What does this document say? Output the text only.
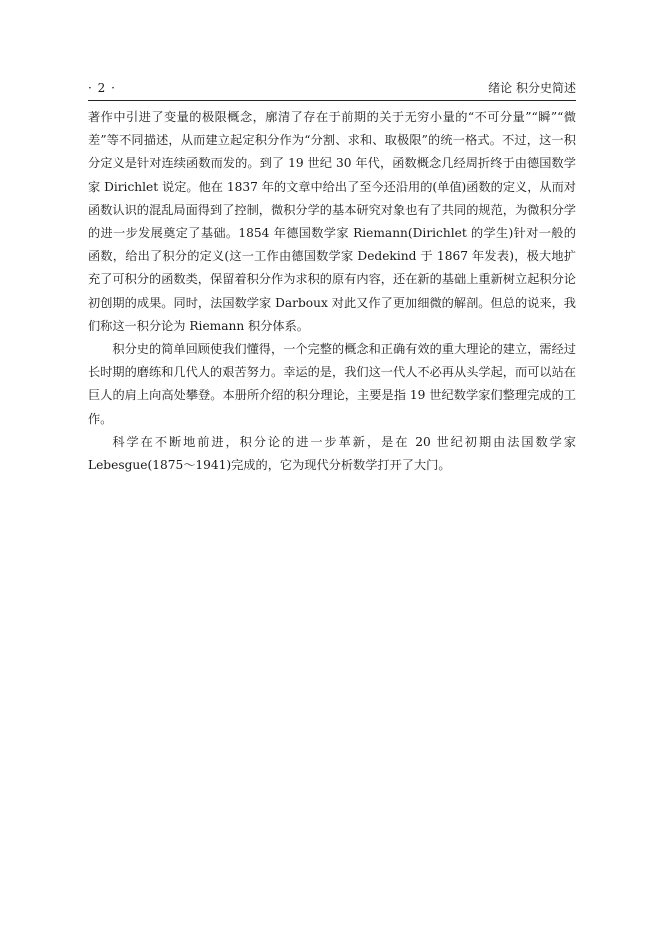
· 2 ·	绪论 积分史简述

著作中引进了变量的极限概念，廓清了存在于前期的关于无穷小量的“不可分量”“瞬”“微差”等不同描述，从而建立起定积分作为“分割、求和、取极限”的统一格式。不过，这一积分定义是针对连续函数而发的。到了 19 世纪 30 年代，函数概念几经周折终于由德国数学家 Dirichlet 说定。他在 1837 年的文章中给出了至今还沿用的(单值)函数的定义，从而对函数认识的混乱局面得到了控制，微积分学的基本研究对象也有了共同的规范，为微积分学的进一步发展奠定了基础。1854 年德国数学家 Riemann(Dirichlet 的学生)针对一般的函数，给出了积分的定义(这一工作由德国数学家 Dedekind 于 1867 年发表)，极大地扩充了可积分的函数类，保留着积分作为求积的原有内容，还在新的基础上重新树立起积分论初创期的成果。同时，法国数学家 Darboux 对此又作了更加细微的解剖。但总的说来，我们称这一积分论为 Riemann 积分体系。

积分史的简单回顾使我们懂得，一个完整的概念和正确有效的重大理论的建立，需经过长时期的磨练和几代人的艰苦努力。幸运的是，我们这一代人不必再从头学起，而可以站在巨人的肩上向高处攀登。本册所介绍的积分理论，主要是指 19 世纪数学家们整理完成的工作。

科学在不断地前进，积分论的进一步革新，是在 20 世纪初期由法国数学家 Lebesgue(1875～1941)完成的，它为现代分析数学打开了大门。
